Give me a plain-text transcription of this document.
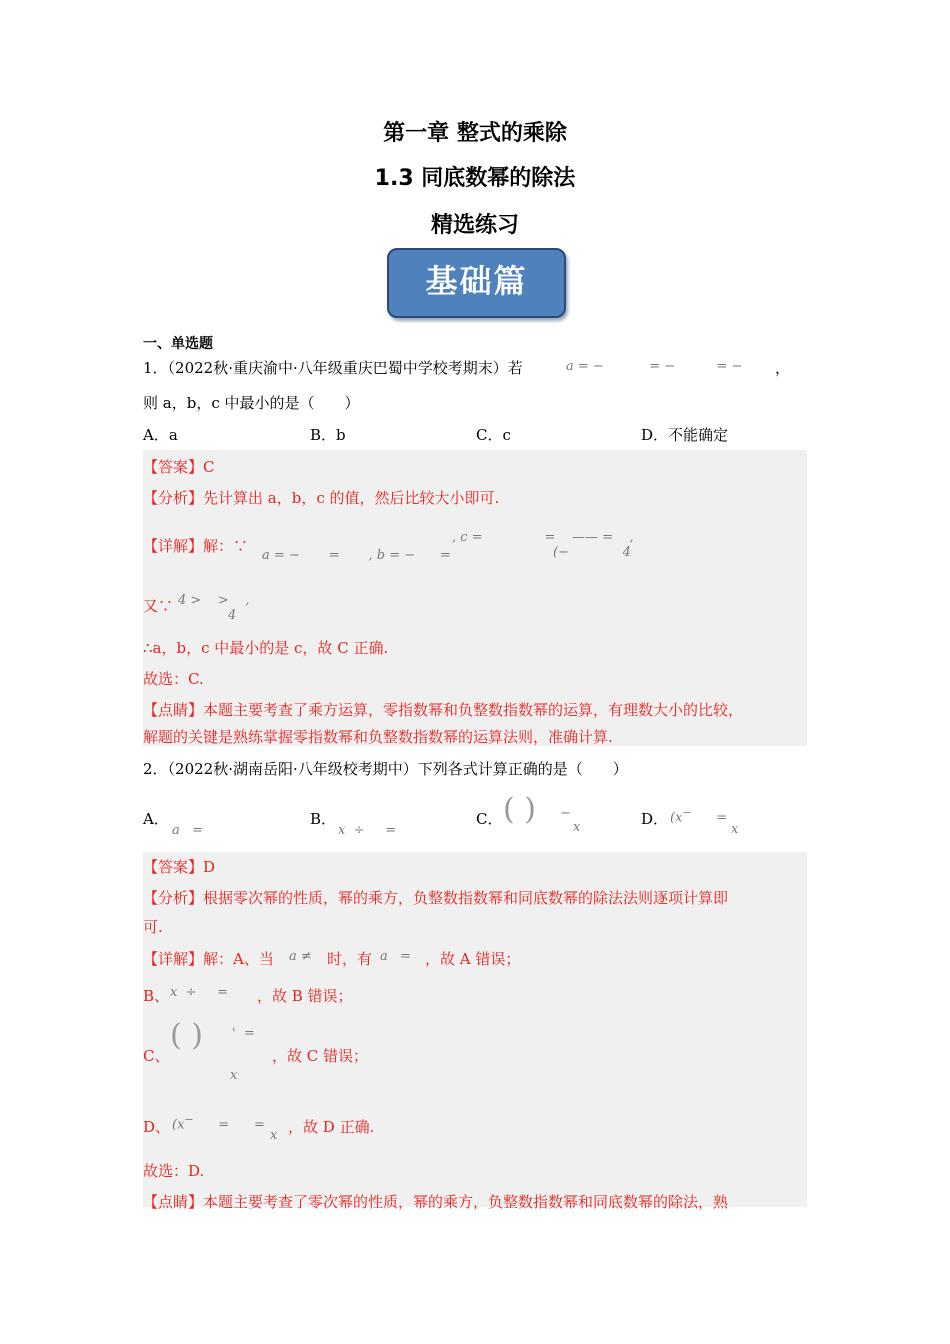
第一章 整式的乘除
1.3 同底数幂的除法
精选练习
基础篇
一、单选题
1．（2022秋·重庆渝中·八年级重庆巴蜀中学校考期末）若	a = −           = −          = − ，
则 a，b，c 中最小的是（　　）
A．a	B．b	C．c	D．不能确定
【答案】C
【分析】先计算出 a，b，c 的值，然后比较大小即可.
【详解】解：∵
a = −       =       , b = −      =
, c =               =    —— =    ,
(−             4
又∵ 4 >    >    ,
4
∴a，b，c 中最小的是 c，故 C 正确.
故选：C.
【点睛】本题主要考查了乘方运算，零指数幂和负整数指数幂的运算，有理数大小的比较，
解题的关键是熟练掌握零指数幂和负整数指数幂的运算法则，准确计算.
2．（2022秋·湖南岳阳·八年级校考期中）下列各式计算正确的是（　　）
A．
a   =
B．
x  ÷     =
C． ( ) −
x	D． (x−      =
x
【答案】D
【分析】根据零次幂的性质，幂的乘方，负整数指数幂和同底数幂的除法法则逐项计算即
可.
【详解】解：A、当 a ≠ 时，有 a   = ，故 A 错误；
B、 x  ÷     = ，故 B 错误；
C、
( ) '  =
x
，故 C 错误；
D、 (x−      =      =
x ，故 D 正确.
故选：D.
【点睛】本题主要考查了零次幂的性质，幂的乘方，负整数指数幂和同底数幂的除法，熟
